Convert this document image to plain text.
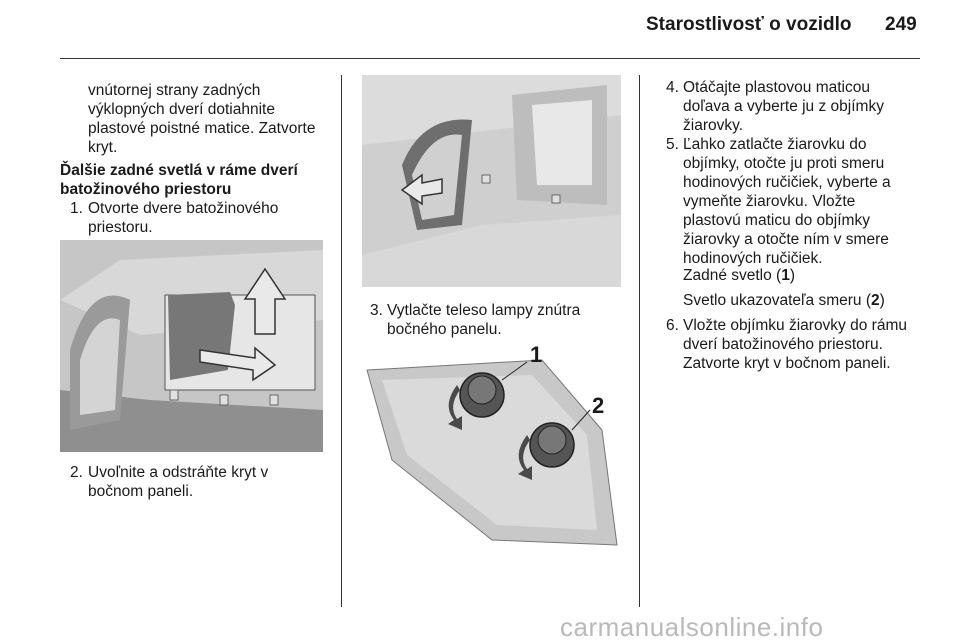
Starostlivosť o vozidlo 249
vnútornej strany zadných
výklopných dverí dotiahnite
plastové poistné matice. Zatvorte
kryt.
Ďalšie zadné svetlá v ráme dverí
batožinového priestoru
1. Otvorte dvere batožinového
priestoru.
2. Uvoľnite a odstráňte kryt v
bočnom paneli.
3. Vytlačte teleso lampy znútra
bočného panelu.
1
2
4. Otáčajte plastovou maticou
doľava a vyberte ju z objímky
žiarovky.
5. Ľahko zatlačte žiarovku do
objímky, otočte ju proti smeru
hodinových ručičiek, vyberte a
vymeňte žiarovku. Vložte
plastovú maticu do objímky
žiarovky a otočte ním v smere
hodinových ručičiek.
Zadné svetlo (1)
Svetlo ukazovateľa smeru (2)
6. Vložte objímku žiarovky do rámu
dverí batožinového priestoru.
Zatvorte kryt v bočnom paneli.
carmanualsonline.info
